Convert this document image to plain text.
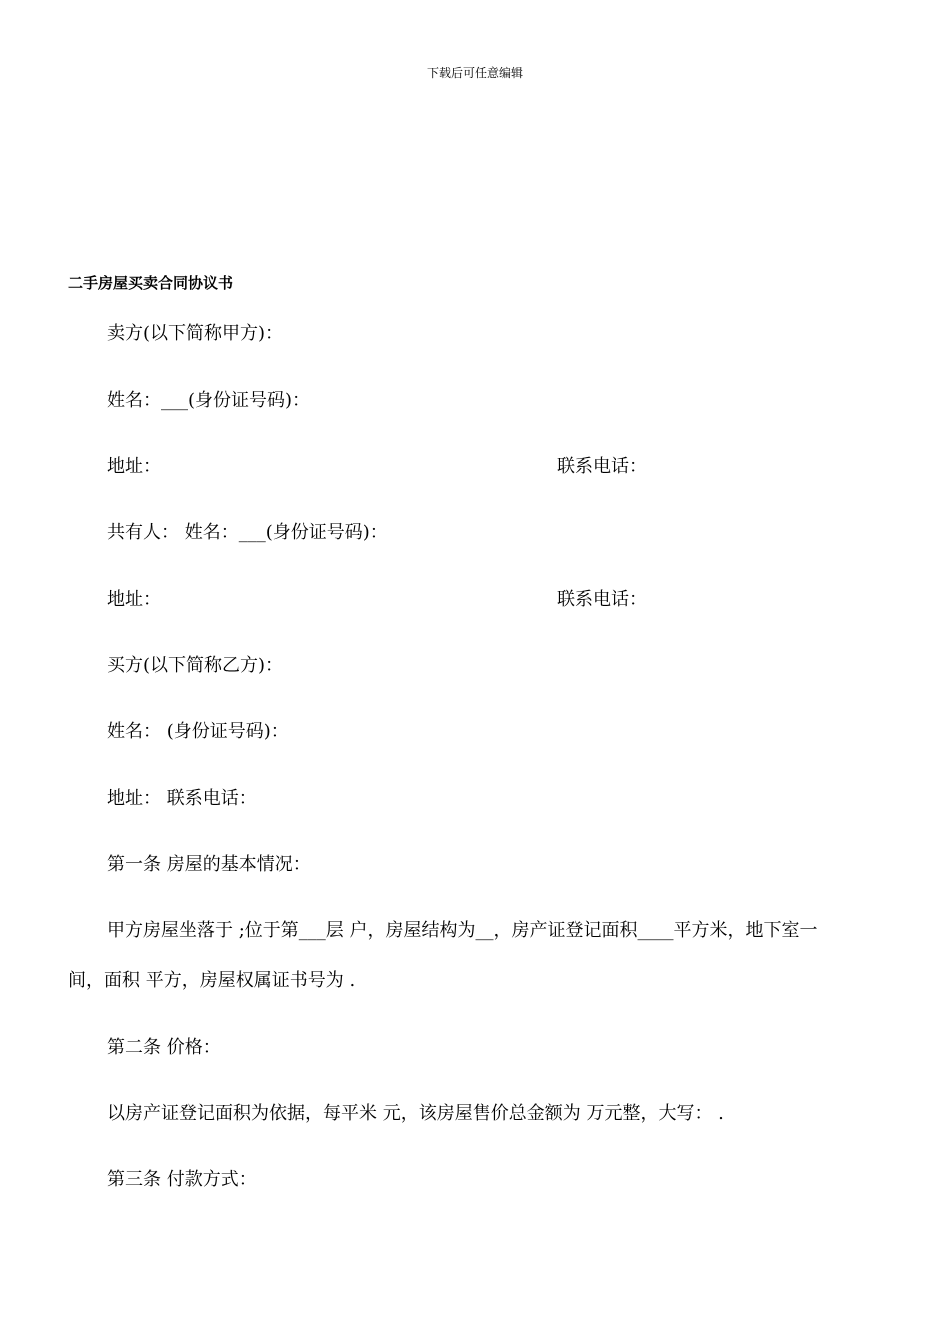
下载后可任意编辑
二手房屋买卖合同协议书
卖方(以下简称甲方)：
姓名：___(身份证号码)：
地址：	联系电话：
共有人： 姓名：___(身份证号码)：
地址：	联系电话：
买方(以下简称乙方)：
姓名： (身份证号码)：
地址： 联系电话：
第一条 房屋的基本情况：
甲方房屋坐落于 ;位于第___层 户，房屋结构为__，房产证登记面积____平方米，地下室一
间，面积 平方，房屋权属证书号为 .
第二条 价格：
以房产证登记面积为依据，每平米 元，该房屋售价总金额为 万元整，大写： .
第三条 付款方式：
